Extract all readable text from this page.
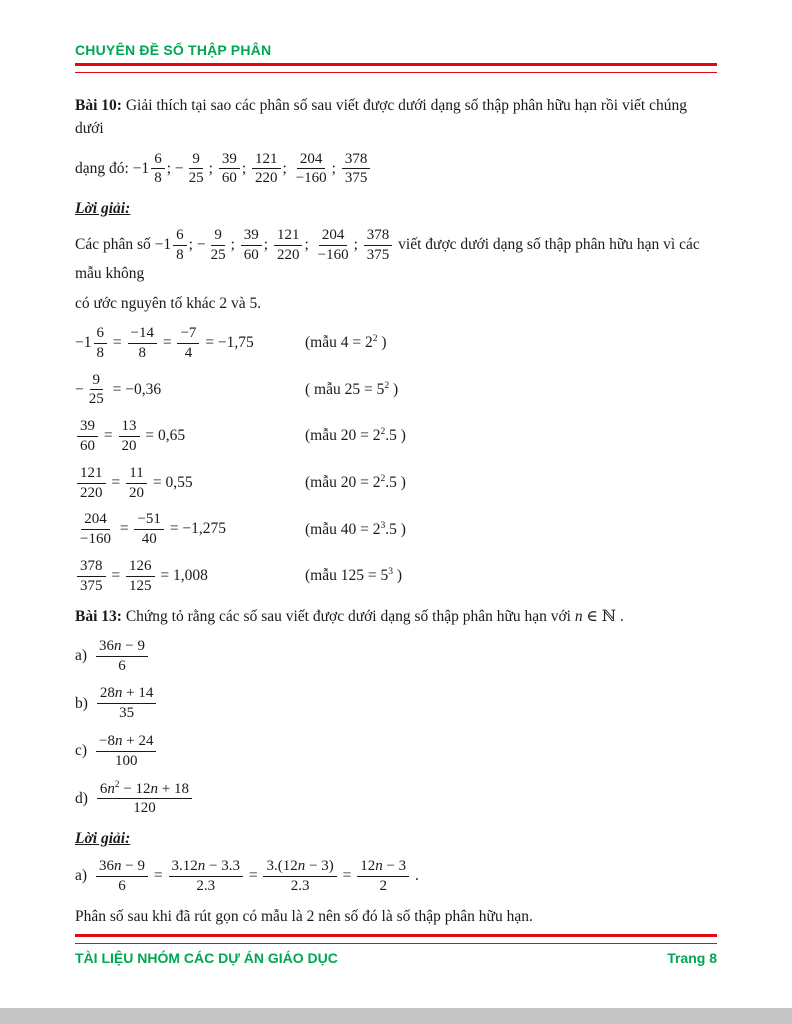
CHUYÊN ĐỀ SỐ THẬP PHÂN

Bài 10: Giải thích tại sao các phân số sau viết được dưới dạng số thập phân hữu hạn rồi viết chúng dưới

dạng đó: $-1 \frac{6}{8}$ ; − $\frac{9}{25}$ ; $\frac{39}{60}$ ; $\frac{121}{220}$ ; $\frac{204}{-160}$ ; $\frac{378}{375}$

Lời giải:

Các phân số $-1 \frac{6}{8}$ ; − $\frac{9}{25}$ ; $\frac{39}{60}$ ; $\frac{121}{220}$ ; $\frac{204}{-160}$ ; $\frac{378}{375}$ viết được dưới dạng số thập phân hữu hạn vì các mẫu không

có ước nguyên tố khác 2 và 5.

$-1 \frac{6}{8} = \frac{-14}{8} = \frac{-7}{4} = -1,75$	(mẫu $4 = 2^2$ )
− $\frac{9}{25} = -0,36$	( mẫu $25 = 5^2$ )
$\frac{39}{60} = \frac{13}{20} = 0,65$	(mẫu $20 = 2^2.5$ )
$\frac{121}{220} = \frac{11}{20} = 0,55$	(mẫu $20 = 2^2.5$ )
$\frac{204}{-160} = \frac{-51}{40} = -1,275$	(mẫu $40 = 2^3.5$ )
$\frac{378}{375} = \frac{126}{125} = 1,008$	(mẫu $125 = 5^3$ )

Bài 13: Chứng tỏ rằng các số sau viết được dưới dạng số thập phân hữu hạn với n ∈ ℕ .

$a) \frac{36n - 9}{6}$
$b) \frac{28n + 14}{35}$
$c) \frac{-8n + 24}{100}$
$d) \frac{6n^2 - 12n + 18}{120}$

Lời giải:

$a) \frac{36n - 9}{6} = \frac{3.12n - 3.3}{2.3} = \frac{3.(12n - 3)}{2.3} = \frac{12n - 3}{2}$ .

Phân số sau khi đã rút gọn có mẫu là 2 nên số đó là số thập phân hữu hạn.

TÀI LIỆU NHÓM CÁC DỰ ÁN GIÁO DỤC	Trang 8
